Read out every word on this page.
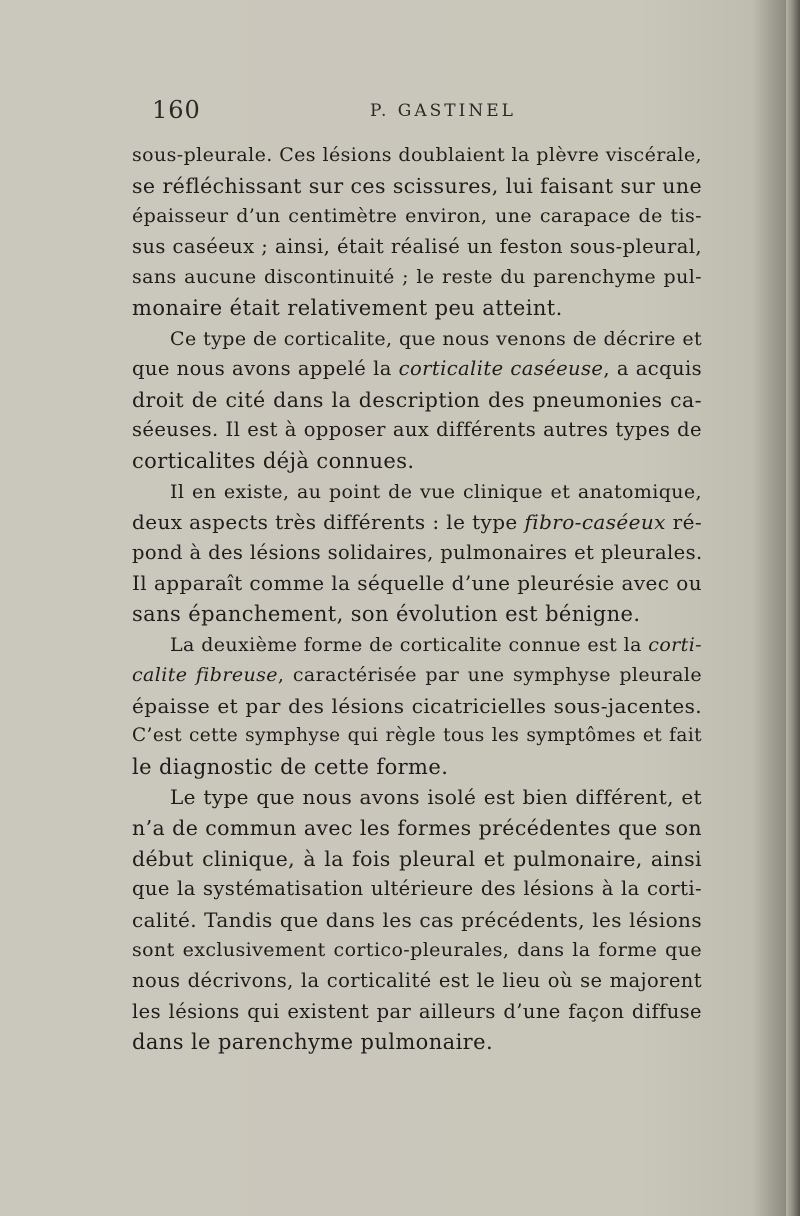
160	P. GASTINEL
sous-pleurale. Ces lésions doublaient la plèvre viscérale,
se réfléchissant sur ces scissures, lui faisant sur une
épaisseur d’un centimètre environ, une carapace de tis-
sus caséeux ; ainsi, était réalisé un feston sous-pleural,
sans aucune discontinuité ; le reste du parenchyme pul-
monaire était relativement peu atteint.
Ce type de corticalite, que nous venons de décrire et
que nous avons appelé la corticalite caséeuse, a acquis
droit de cité dans la description des pneumonies ca-
séeuses. Il est à opposer aux différents autres types de
corticalites déjà connues.
Il en existe, au point de vue clinique et anatomique,
deux aspects très différents : le type fibro-caséeux ré-
pond à des lésions solidaires, pulmonaires et pleurales.
Il apparaît comme la séquelle d’une pleurésie avec ou
sans épanchement, son évolution est bénigne.
La deuxième forme de corticalite connue est la corti-
calite fibreuse, caractérisée par une symphyse pleurale
épaisse et par des lésions cicatricielles sous-jacentes.
C’est cette symphyse qui règle tous les symptômes et fait
le diagnostic de cette forme.
Le type que nous avons isolé est bien différent, et
n’a de commun avec les formes précédentes que son
début clinique, à la fois pleural et pulmonaire, ainsi
que la systématisation ultérieure des lésions à la corti-
calité. Tandis que dans les cas précédents, les lésions
sont exclusivement cortico-pleurales, dans la forme que
nous décrivons, la corticalité est le lieu où se majorent
les lésions qui existent par ailleurs d’une façon diffuse
dans le parenchyme pulmonaire.
